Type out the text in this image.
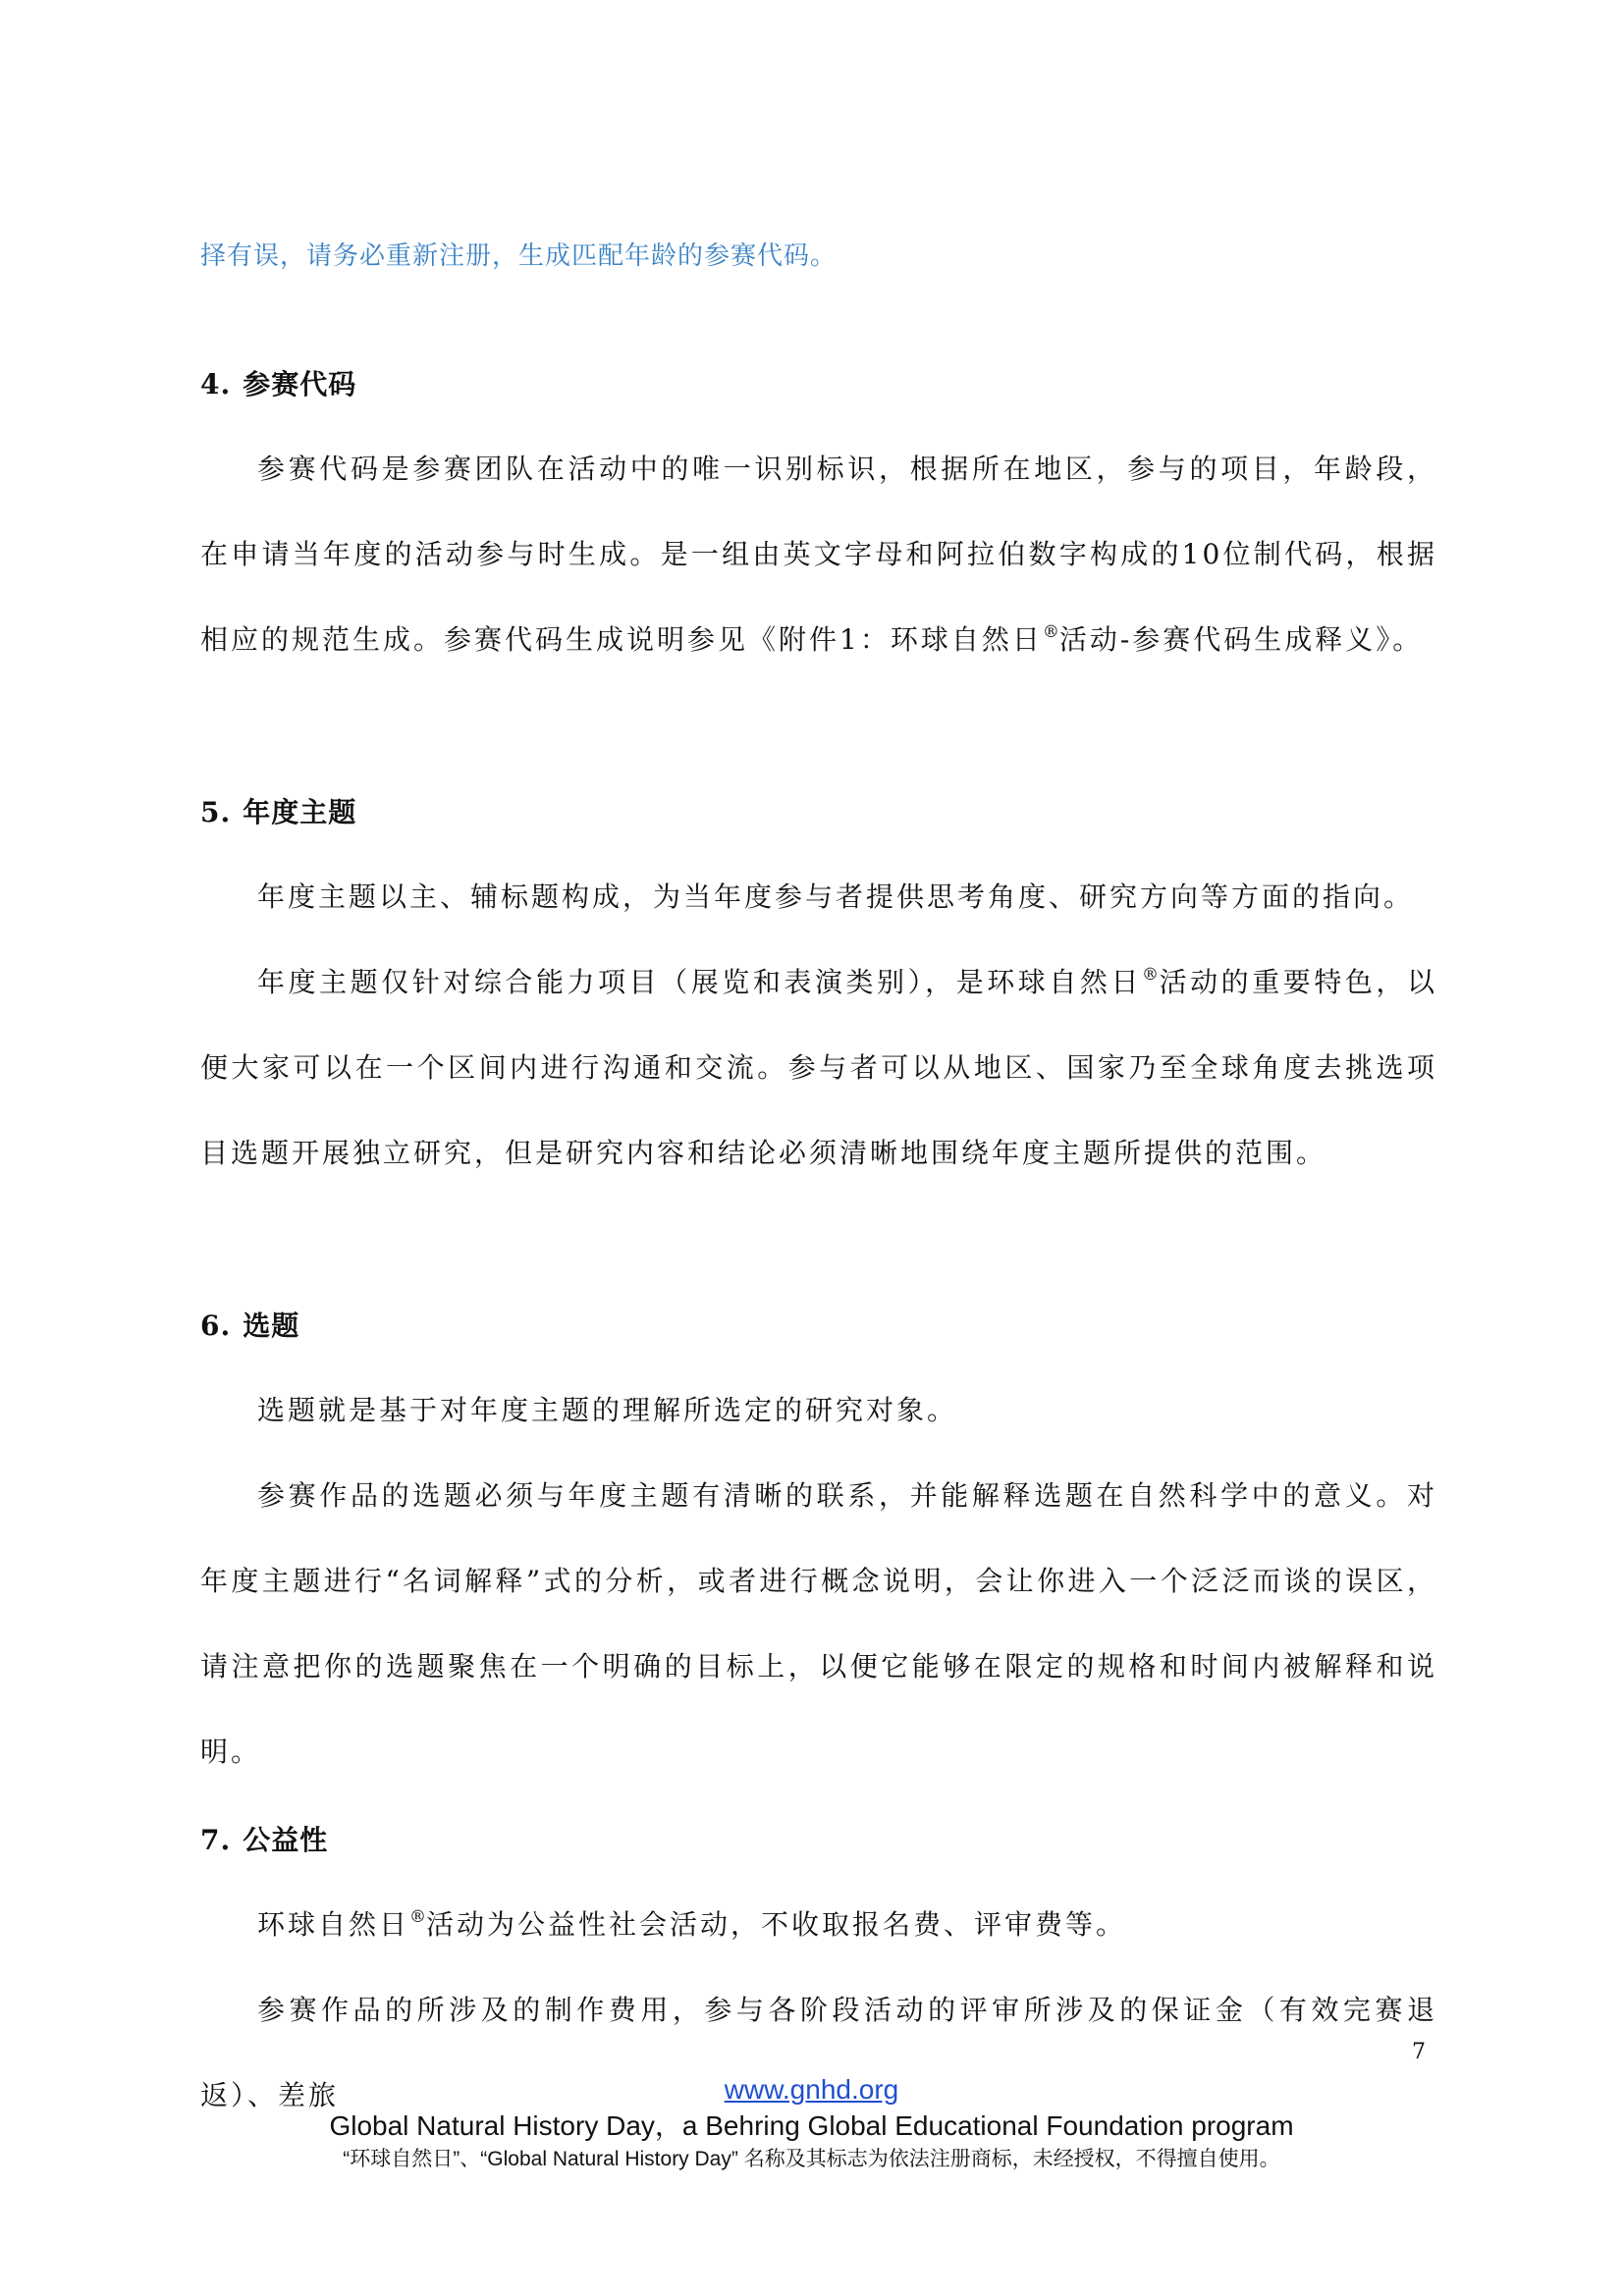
择有误，请务必重新注册，生成匹配年龄的参赛代码。

4. 参赛代码

参赛代码是参赛团队在活动中的唯一识别标识，根据所在地区，参与的项目，年龄段，在申请当年度的活动参与时生成。是一组由英文字母和阿拉伯数字构成的10位制代码，根据相应的规范生成。参赛代码生成说明参见《附件1：环球自然日®活动-参赛代码生成释义》。

5. 年度主题

年度主题以主、辅标题构成，为当年度参与者提供思考角度、研究方向等方面的指向。

年度主题仅针对综合能力项目（展览和表演类别），是环球自然日®活动的重要特色，以便大家可以在一个区间内进行沟通和交流。参与者可以从地区、国家乃至全球角度去挑选项目选题开展独立研究，但是研究内容和结论必须清晰地围绕年度主题所提供的范围。

6. 选题

选题就是基于对年度主题的理解所选定的研究对象。

参赛作品的选题必须与年度主题有清晰的联系，并能解释选题在自然科学中的意义。对年度主题进行“名词解释”式的分析，或者进行概念说明，会让你进入一个泛泛而谈的误区，请注意把你的选题聚焦在一个明确的目标上，以便它能够在限定的规格和时间内被解释和说明。

7. 公益性

环球自然日®活动为公益性社会活动，不收取报名费、评审费等。

参赛作品的所涉及的制作费用，参与各阶段活动的评审所涉及的保证金（有效完赛退返）、差旅

7
www.gnhd.org
Global Natural History Day，a Behring Global Educational Foundation program
“环球自然日”、“Global Natural History Day” 名称及其标志为依法注册商标，未经授权，不得擅自使用。
